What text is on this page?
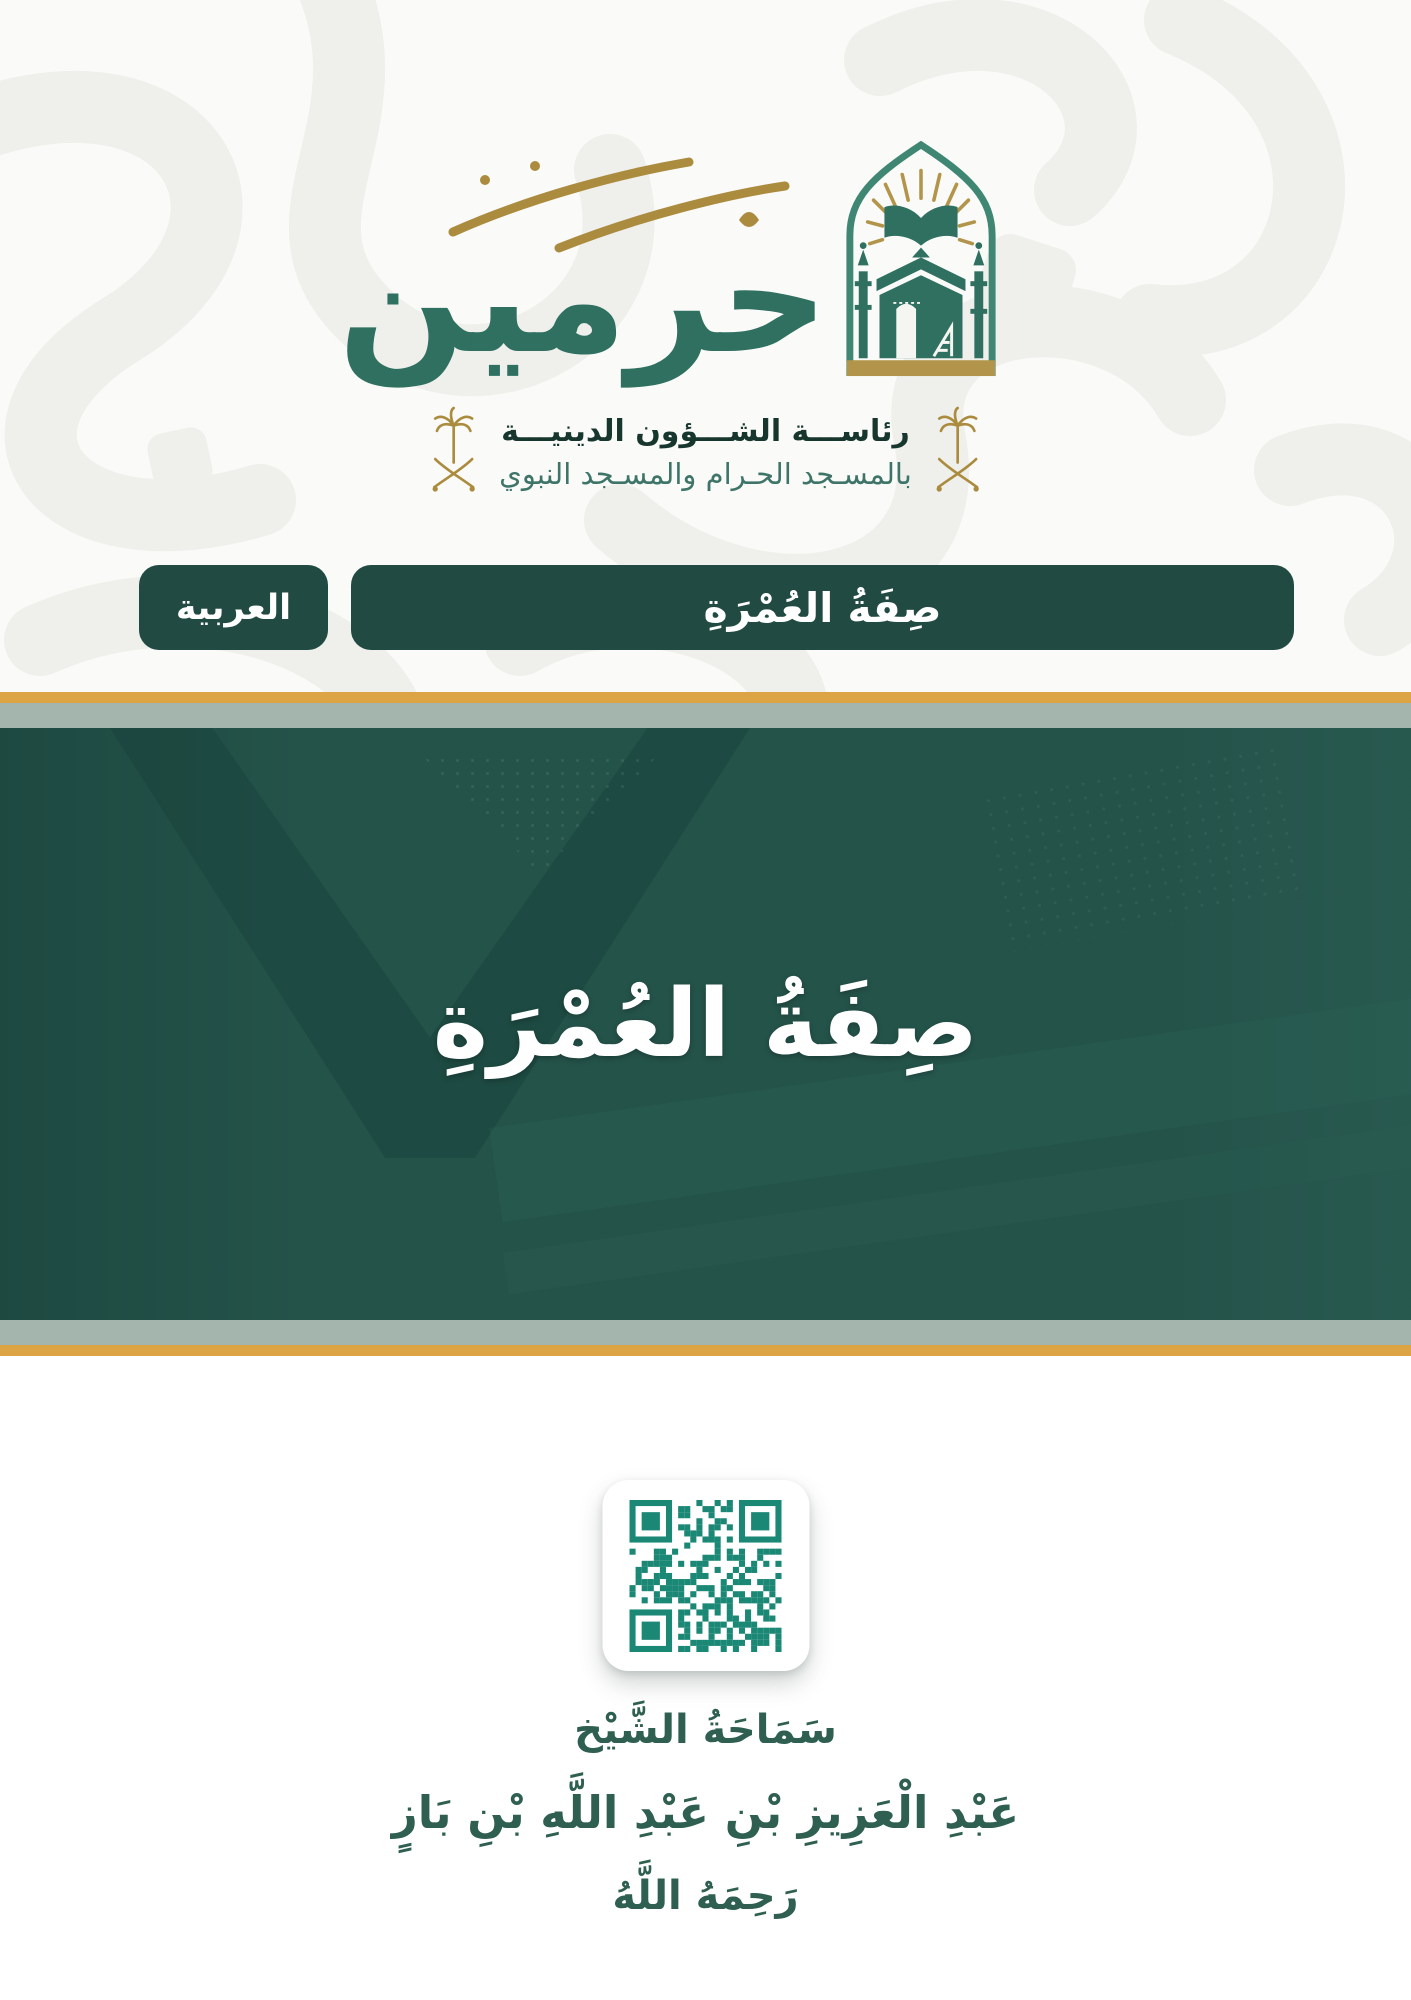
حرمين
رئاســـة الشـــؤون الدينيـــة
بالمسـجد الحـرام والمسـجد النبوي
العربية	صِفَةُ العُمْرَةِ
صِفَةُ العُمْرَةِ
سَمَاحَةُ الشَّيْخ
عَبْدِ الْعَزِيزِ بْنِ عَبْدِ اللَّهِ بْنِ بَازٍ
رَحِمَهُ اللَّهُ
